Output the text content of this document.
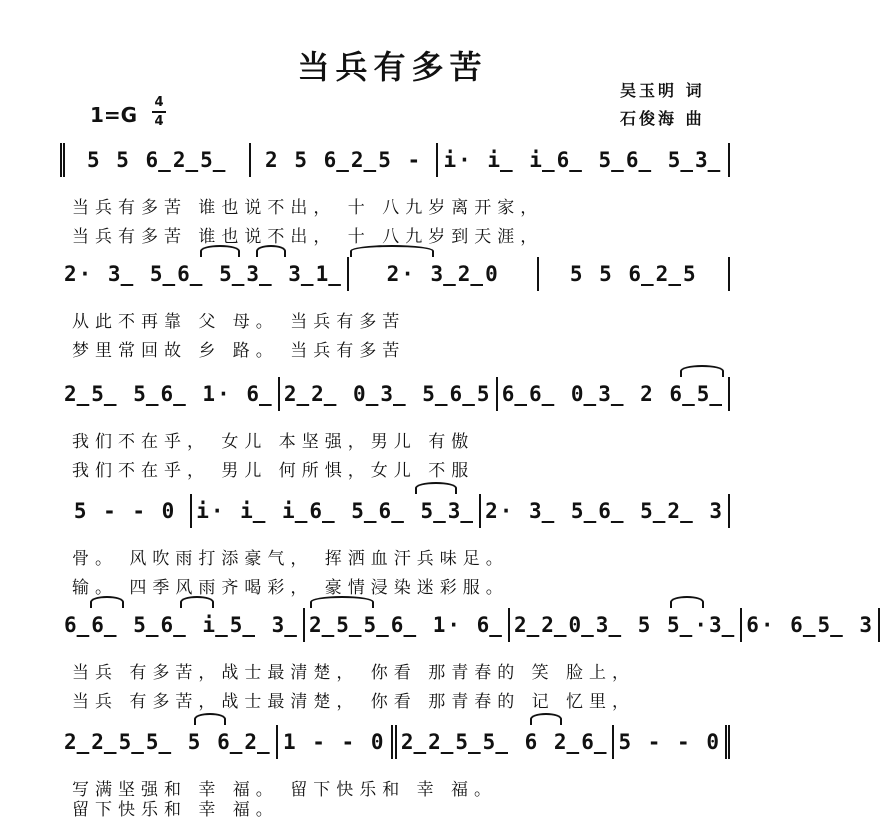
当兵有多苦
吴玉明 词
石俊海 曲
1=G
4
4
5 5 6̲2̲5̲	2 5 6̲2̲5 -	i· i̲ i̲6̲ 5̲6̲ 5̲3̲
当兵有多苦 谁也说不出， 十 八九岁离开家，
当兵有多苦 谁也说不出， 十 八九岁到天涯，
2· 3̲ 5̲6̲ 5̲3̲ 3̲1̲	2· 3̲2̲0	5 5 6̲2̲5
从此不再靠 父 母。 当兵有多苦
梦里常回故 乡 路。 当兵有多苦
2̲5̲ 5̲6̲ 1· 6̲ 2̲2̲ 0̲3̲ 5̲6̲5 6̲6̲ 0̲3̲ 2 6̲5̲
我们不在乎， 女儿 本坚强，男儿 有傲
我们不在乎， 男儿 何所惧，女儿 不服
5 - - 0 i· i̲ i̲6̲ 5̲6̲ 5̲3̲ 2· 3̲ 5̲6̲ 5̲2̲ 3
骨。 风吹雨打添豪气， 挥洒血汗兵味足。
输。 四季风雨齐喝彩， 豪情浸染迷彩服。
6̲6̲ 5̲6̲ i̲5̲ 3̲ 2̲5̲5̲6̲ 1· 6̲ 2̲2̲0̲3̲ 5 5̲·3̲ 6· 6̲5̲ 3
当兵 有多苦，战士最清楚， 你看 那青春的 笑 脸上，
当兵 有多苦，战士最清楚， 你看 那青春的 记 忆里，
2̲2̲5̲5̲ 5 6̲2̲ 1 - - 0 2̲2̲5̲5̲ 6 2̲6̲ 5 - - 0
写满坚强和 幸 福。 留下快乐和 幸 福。
留下快乐和 幸 福。
